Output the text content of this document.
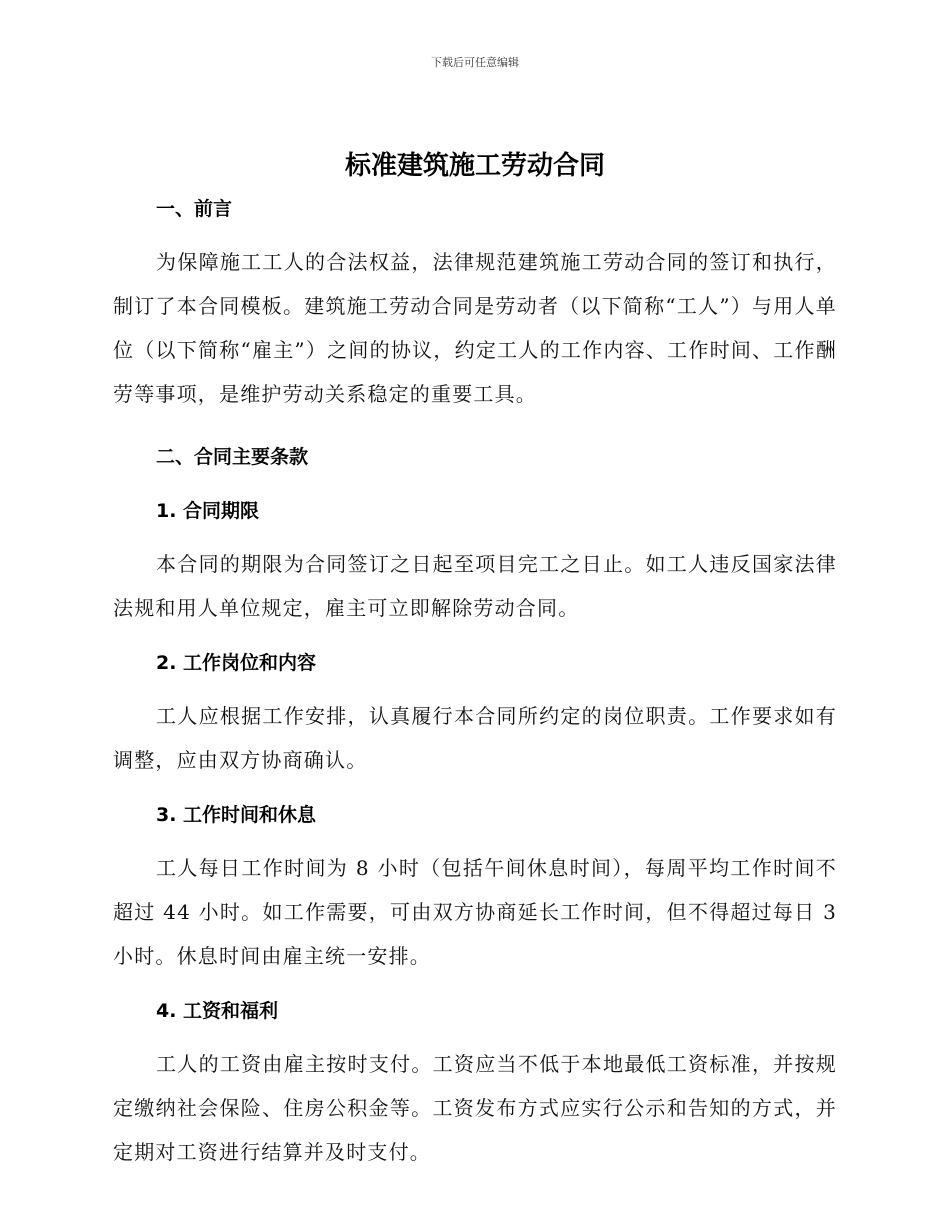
下载后可任意编辑
标准建筑施工劳动合同
一、前言

为保障施工工人的合法权益，法律规范建筑施工劳动合同的签订和执行，制订了本合同模板。建筑施工劳动合同是劳动者（以下简称“工人”）与用人单位（以下简称“雇主”）之间的协议，约定工人的工作内容、工作时间、工作酬劳等事项，是维护劳动关系稳定的重要工具。

二、合同主要条款
1. 合同期限

本合同的期限为合同签订之日起至项目完工之日止。如工人违反国家法律法规和用人单位规定，雇主可立即解除劳动合同。

2. 工作岗位和内容

工人应根据工作安排，认真履行本合同所约定的岗位职责。工作要求如有调整，应由双方协商确认。

3. 工作时间和休息

工人每日工作时间为 8 小时（包括午间休息时间），每周平均工作时间不超过 44 小时。如工作需要，可由双方协商延长工作时间，但不得超过每日 3 小时。休息时间由雇主统一安排。

4. 工资和福利

工人的工资由雇主按时支付。工资应当不低于本地最低工资标准，并按规定缴纳社会保险、住房公积金等。工资发布方式应实行公示和告知的方式，并定期对工资进行结算并及时支付。
